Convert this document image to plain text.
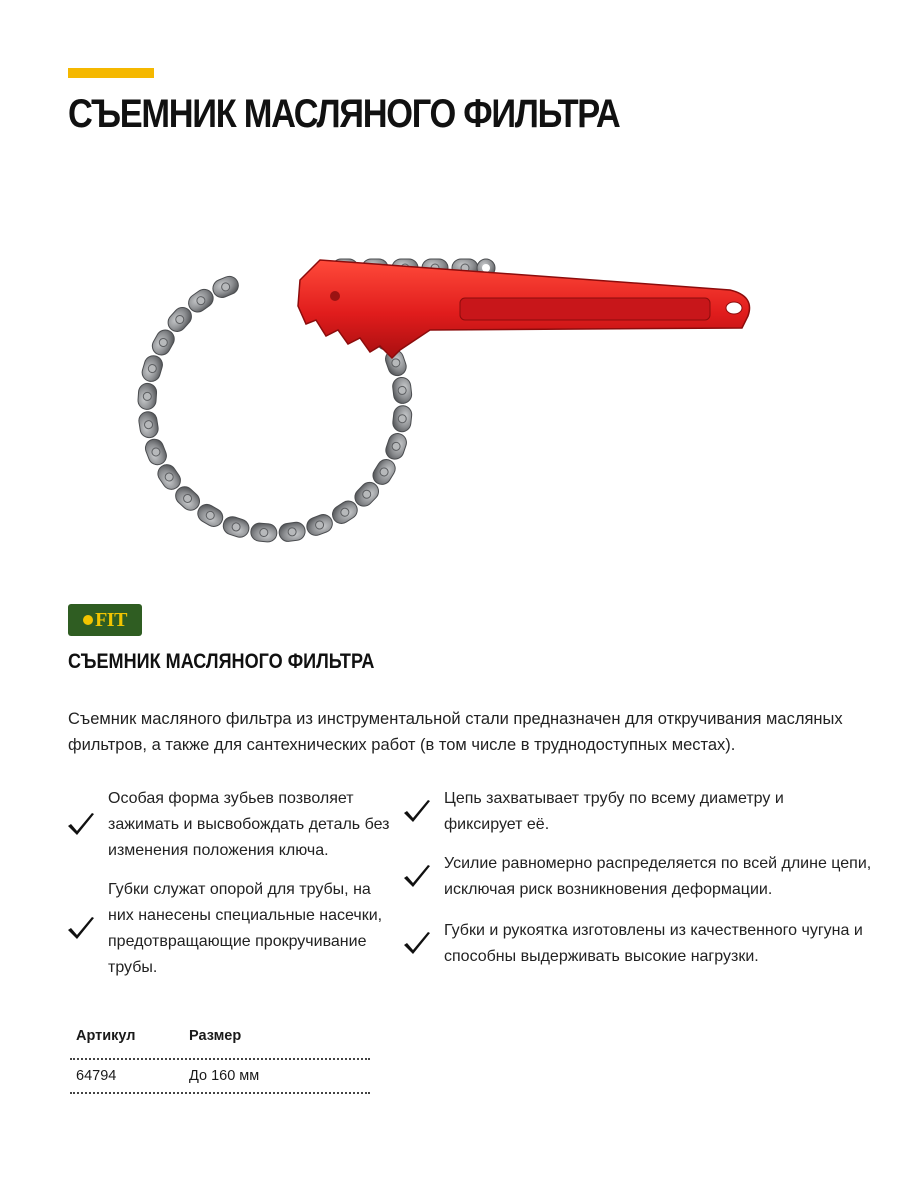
СЪЕМНИК МАСЛЯНОГО ФИЛЬТРА
FIT
СЪЕМНИК МАСЛЯНОГО ФИЛЬТРА

Съемник масляного фильтра из инструментальной стали предназначен для откручивания масляных фильтров, а также для сантехнических работ (в том числе в труднодоступных местах).

Особая форма зубьев позволяет зажимать и высвобождать деталь без изменения положения ключа.
Губки служат опорой для трубы, на них нанесены специальные насечки, предотвращающие прокручивание трубы.
Цепь захватывает трубу по всему диаметру и фиксирует её.
Усилие равномерно распределяется по всей длине цепи, исключая риск возникновения деформации.
Губки и рукоятка изготовлены из качественного чугуна и способны выдерживать высокие нагрузки.
Артикул	Размер
64794	До 160 мм
